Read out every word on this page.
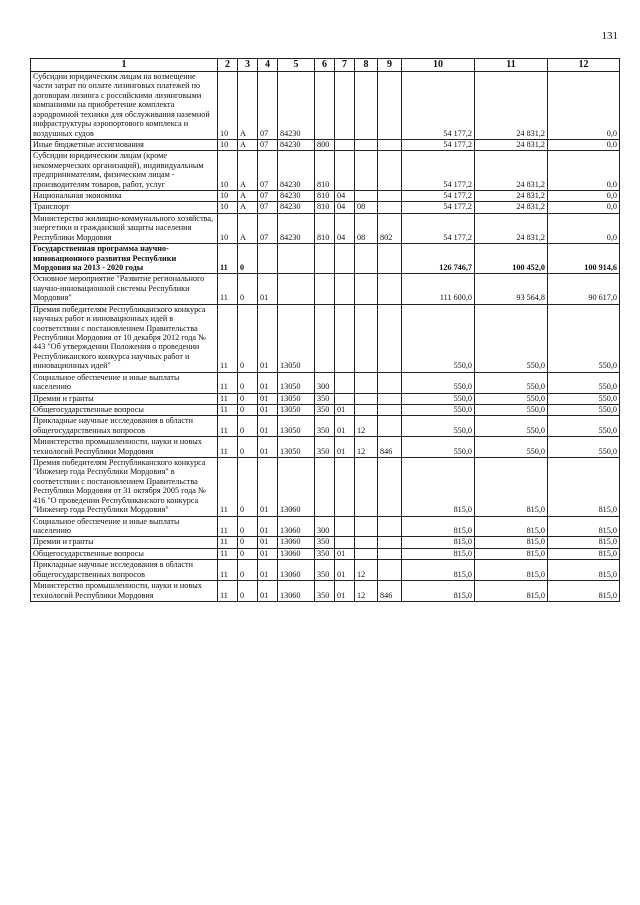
131
1	2	3	4	5	6	7	8	9	10	11	12
Субсидии юридическим лицам на возмещение части затрат по оплате лизинговых платежей по договорам лизинга с российскими лизинговыми компаниями на приобретение комплекта аэродромной техники для обслуживания наземной инфраструктуры аэропортового комплекса и воздушных судов	10	А	07	84230					54 177,2	24 831,2	0,0
Иные бюджетные ассигнования	10	А	07	84230	800				54 177,2	24 831,2	0,0
Субсидии юридическим лицам (кроме некоммерческих организаций), индивидуальным предпринимателям, физическим лицам - производителям товаров, работ, услуг	10	А	07	84230	810				54 177,2	24 831,2	0,0
Национальная экономика	10	А	07	84230	810	04			54 177,2	24 831,2	0,0
Транспорт	10	А	07	84230	810	04	08		54 177,2	24 831,2	0,0
Министерство жилищно-коммунального хозяйства, энергетики и гражданской защиты населения Республики Мордовия	10	А	07	84230	810	04	08	802	54 177,2	24 831,2	0,0
Государственная программа научно-инновационного развития Республики Мордовия на 2013 - 2020 годы	11	0							126 746,7	100 452,0	100 914,6
Основное мероприятие "Развитие регионального научно-инновационной системы Республики Мордовия"	11	0	01						111 600,0	93 564,8	90 617,0
Премия победителям Республиканского конкурса научных работ и инновационных идей в соответствии с постановлением Правительства Республики Мордовия от 10 декабря 2012 года № 443 "Об утверждении Положения о проведении Республиканского конкурса научных работ и инновационных идей"	11	0	01	13050					550,0	550,0	550,0
Социальное обеспечение и иные выплаты населению	11	0	01	13050	300				550,0	550,0	550,0
Премии и гранты	11	0	01	13050	350				550,0	550,0	550,0
Общегосударственные вопросы	11	0	01	13050	350	01			550,0	550,0	550,0
Прикладные научные исследования в области общегосударственных вопросов	11	0	01	13050	350	01	12		550,0	550,0	550,0
Министерство промышленности, науки и новых технологий Республики Мордовия	11	0	01	13050	350	01	12	846	550,0	550,0	550,0
Премия победителям Республиканского конкурса "Инженер года Республики Мордовия" в соответствии с постановлением Правительства Республики Мордовия от 31 октября 2005 года № 416 "О проведении Республиканского конкурса "Инженер года Республики Мордовия"	11	0	01	13060					815,0	815,0	815,0
Социальное обеспечение и иные выплаты населению	11	0	01	13060	300				815,0	815,0	815,0
Премии и гранты	11	0	01	13060	350				815,0	815,0	815,0
Общегосударственные вопросы	11	0	01	13060	350	01			815,0	815,0	815,0
Прикладные научные исследования в области общегосударственных вопросов	11	0	01	13060	350	01	12		815,0	815,0	815,0
Министерство промышленности, науки и новых технологий Республики Мордовия	11	0	01	13060	350	01	12	846	815,0	815,0	815,0
